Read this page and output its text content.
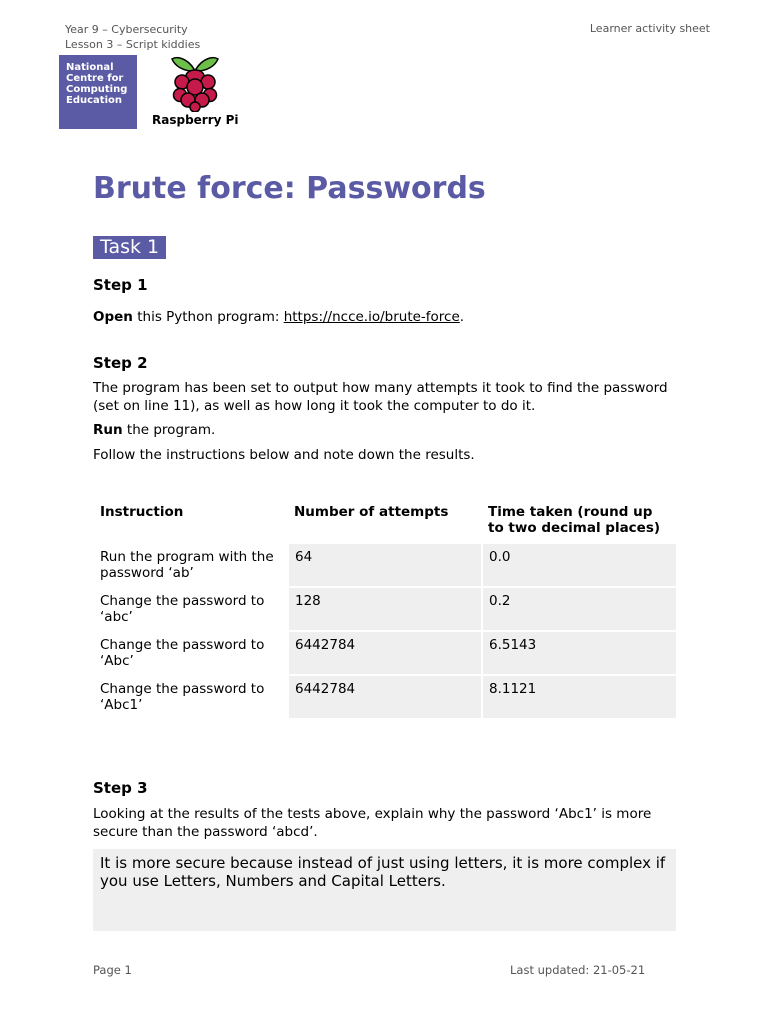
Year 9 – Cybersecurity
Lesson 3 – Script kiddies
Learner activity sheet
National
Centre for
Computing
Education
Raspberry Pi
Brute force: Passwords
Task 1
Step 1

Open this Python program: https://ncce.io/brute-force.

Step 2

The program has been set to output how many attempts it took to find the password (set on line 11), as well as how long it took the computer to do it.

Run the program.

Follow the instructions below and note down the results.

Instruction	Number of attempts	Time taken (round up to two decimal places)
Run the program with the password ‘ab’	64	0.0
Change the password to ‘abc’	128	0.2
Change the password to ‘Abc’	6442784	6.5143
Change the password to ‘Abc1’	6442784	8.1121
Step 3

Looking at the results of the tests above, explain why the password ‘Abc1’ is more secure than the password ‘abcd’.

It is more secure because instead of just using letters, it is more complex if you use Letters, Numbers and Capital Letters.
Page 1	Last updated: 21-05-21
